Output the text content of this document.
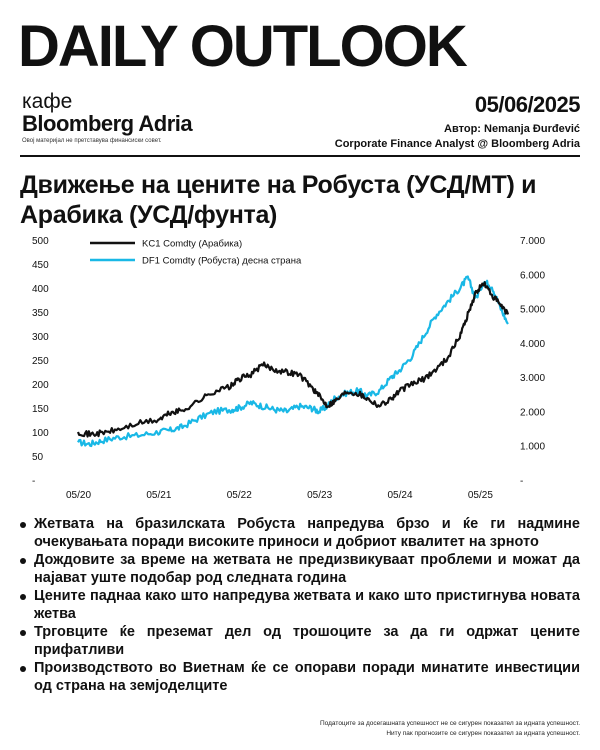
DAILY OUTLOOK
кафе
Bloomberg Adria
Овој материјал не претставува финансиски совет.
05/06/2025
Автор: Nemanja Đurđević
Corporate Finance Analyst @ Bloomberg Adria
Движење на цените на Робуста (УСД/МТ) и Арабика (УСД/фунта)
500
450
400
350
300
250
200
150
100
50
-
7.000
6.000
5.000
4.000
3.000
2.000
1.000
-
05/20	05/21	05/22	05/23	05/24	05/25
KC1 Comdty (Арабика)
DF1 Comdty (Робуста) десна страна
Жетвата на бразилската Робуста напредува брзо и ќе ги надмине очекувањата поради високите приноси и добриот квалитет на зрното
Дождовите за време на жетвата не предизвикуваат проблеми и можат да најават уште подобар род следната година
Цените паднаа како што напредува жетвата и како што пристигнува новата жетва
Трговците ќе преземат дел од трошоците за да ги одржат цените прифатливи
Производството во Виетнам ќе се опорави поради минатите инвестиции од страна на земјоделците
Податоците за досегашната успешност не се сигурен показател за идната успешност.
Ниту пак прогнозите се сигурен показател за идната успешност.
